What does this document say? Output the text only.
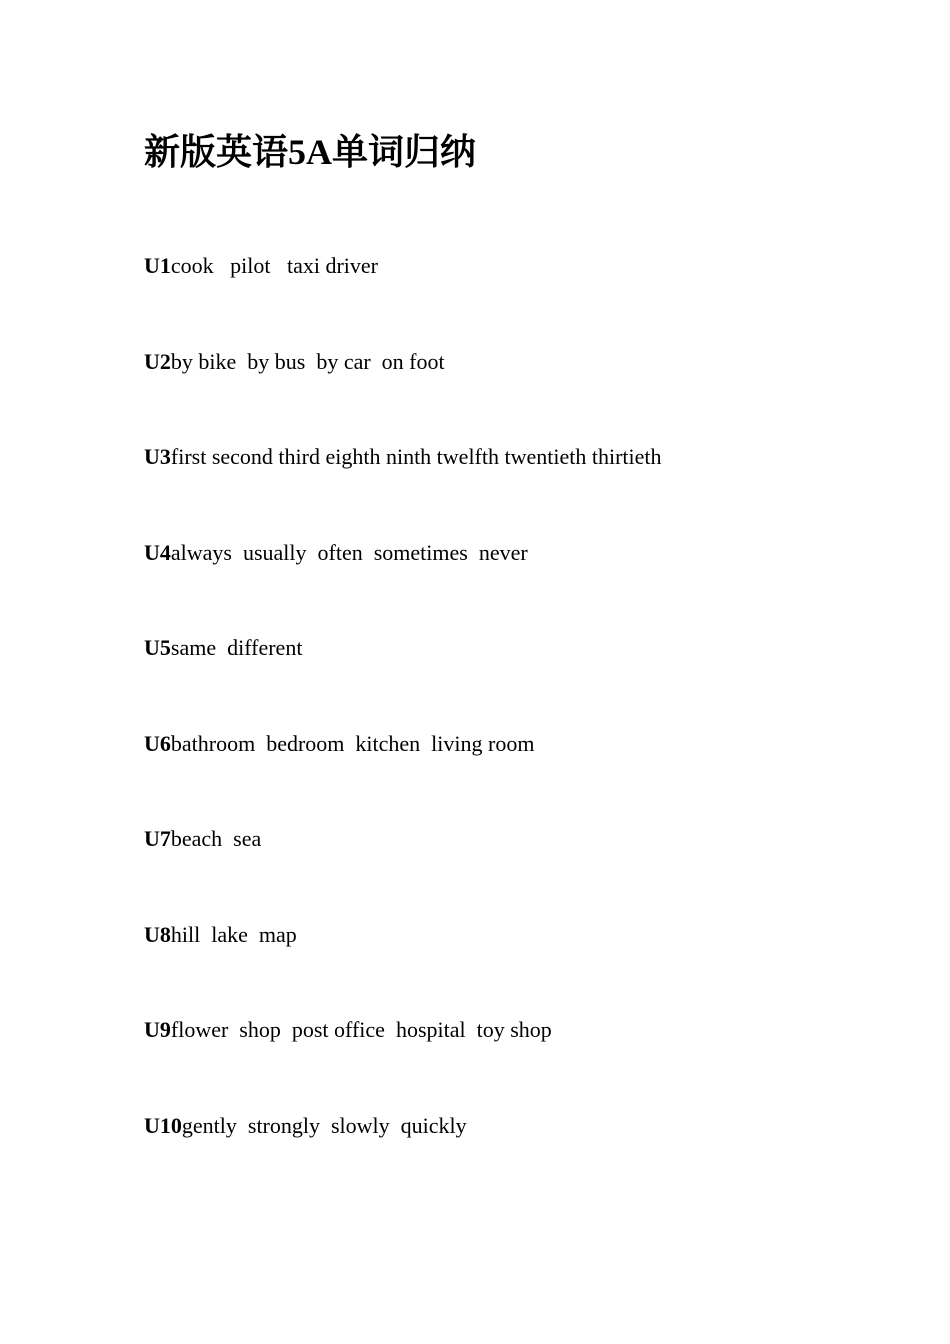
新版英语5A单词归纳
U1cook   pilot   taxi driver
U2by bike  by bus  by car  on foot
U3first second third eighth ninth twelfth twentieth thirtieth
U4always  usually  often  sometimes  never
U5same  different
U6bathroom  bedroom  kitchen  living room
U7beach  sea
U8hill  lake  map
U9flower  shop  post office  hospital  toy shop
U10gently  strongly  slowly  quickly
